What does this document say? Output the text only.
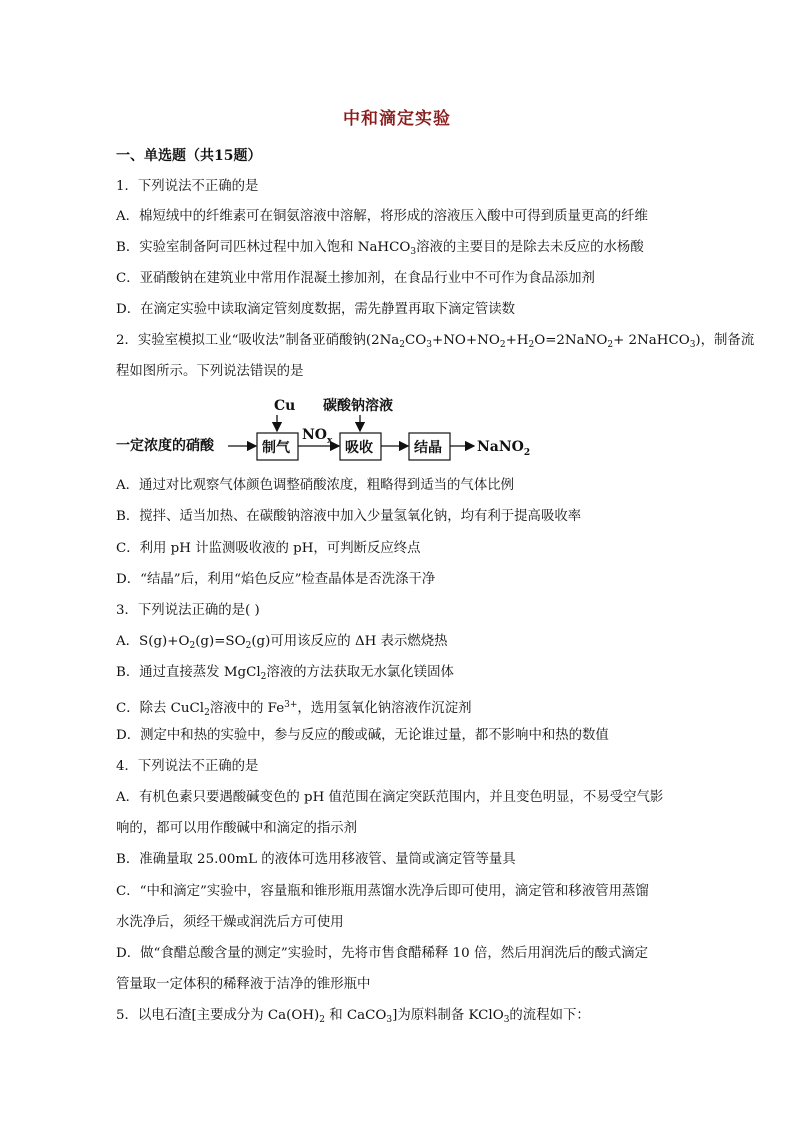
中和滴定实验
一、单选题（共15题）
1．下列说法不正确的是
A．棉短绒中的纤维素可在铜氨溶液中溶解，将形成的溶液压入酸中可得到质量更高的纤维
B．实验室制备阿司匹林过程中加入饱和 NaHCO$_3$溶液的主要目的是除去未反应的水杨酸
C．亚硝酸钠在建筑业中常用作混凝土掺加剂，在食品行业中不可作为食品添加剂
D．在滴定实验中读取滴定管刻度数据，需先静置再取下滴定管读数
2．实验室模拟工业“吸收法”制备亚硝酸钠($2Na_2CO_3+NO+NO_2+H_2O=2NaNO_2+$ 2NaHCO$_3$)，制备流
程如图所示。下列说法错误的是
一定浓度的硝酸	制气
Cu
$NO_x$ 吸收
碳酸钠溶液
结晶	NaNO$_2$
A．通过对比观察气体颜色调整硝酸浓度，粗略得到适当的气体比例
B．搅拌、适当加热、在碳酸钠溶液中加入少量氢氧化钠，均有利于提高吸收率
C．利用 pH 计监测吸收液的 pH，可判断反应终点
D．“结晶”后，利用“焰色反应”检查晶体是否洗涤干净
3．下列说法正确的是( )
A．$S(g)+O_2(g)=SO_2(g)$可用该反应的 ΔH 表示燃烧热
B．通过直接蒸发 MgCl$_2$溶液的方法获取无水氯化镁固体
C．除去 CuCl$_2$溶液中的 $Fe^{3+}$，选用氢氧化钠溶液作沉淀剂
D．测定中和热的实验中，参与反应的酸或碱，无论谁过量，都不影响中和热的数值
4．下列说法不正确的是
A．有机色素只要遇酸碱变色的 pH 值范围在滴定突跃范围内，并且变色明显，不易受空气影
响的，都可以用作酸碱中和滴定的指示剂
B．准确量取 25.00mL 的液体可选用移液管、量筒或滴定管等量具
C．“中和滴定”实验中，容量瓶和锥形瓶用蒸馏水洗净后即可使用，滴定管和移液管用蒸馏
水洗净后，须经干燥或润洗后方可使用
D．做“食醋总酸含量的测定”实验时，先将市售食醋稀释 10 倍，然后用润洗后的酸式滴定
管量取一定体积的稀释液于洁净的锥形瓶中
5．以电石渣[主要成分为 $Ca(OH)_2$ 和 CaCO$_3$]为原料制备 KClO$_3$的流程如下：
